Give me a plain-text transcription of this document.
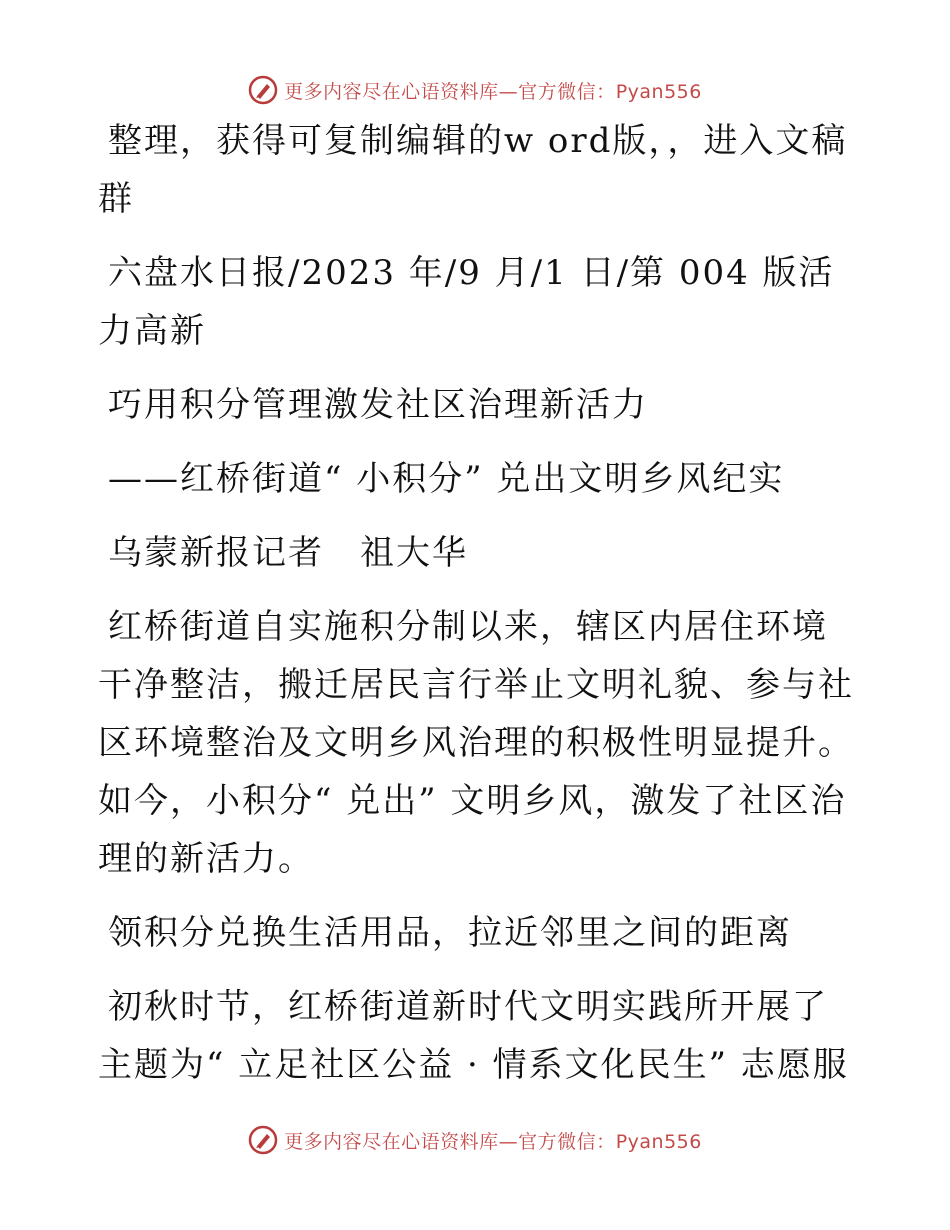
更多内容尽在心语资料库—官方微信：Pyan556

整理，获得可复制编辑的w ord版，，进入文稿群

六盘水日报/2023 年/9 月/1 日/第 004 版活力高新

巧用积分管理激发社区治理新活力

——红桥街道“ 小积分” 兑出文明乡风纪实

乌蒙新报记者　祖大华

红桥街道自实施积分制以来，辖区内居住环境干净整洁，搬迁居民言行举止文明礼貌、参与社区环境整治及文明乡风治理的积极性明显提升。如今，小积分“ 兑出” 文明乡风，激发了社区治理的新活力。

领积分兑换生活用品，拉近邻里之间的距离

初秋时节，红桥街道新时代文明实践所开展了主题为“ 立足社区公益 · 情系文化民生” 志愿服

更多内容尽在心语资料库—官方微信：Pyan556
